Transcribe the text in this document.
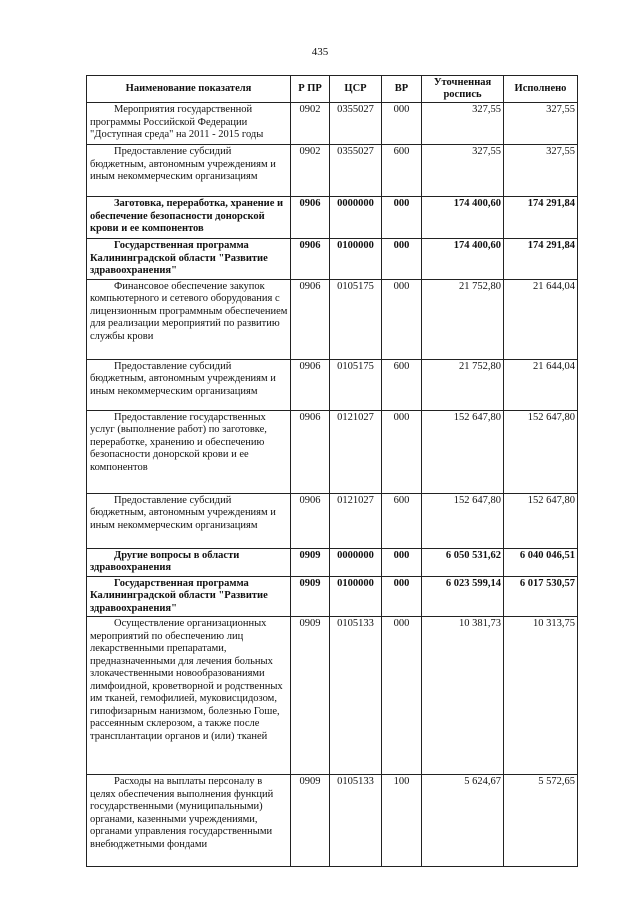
435
Наименование показателя	Р ПР	ЦСР	ВР	Уточненная роспись	Исполнено
Мероприятия государственной программы Российской Федерации "Доступная среда" на 2011 - 2015 годы	0902	0355027	000	327,55	327,55
Предоставление субсидий бюджетным, автономным учреждениям и иным некоммерческим организациям	0902	0355027	600	327,55	327,55
Заготовка, переработка, хранение и обеспечение безопасности донорской крови и ее компонентов	0906	0000000	000	174 400,60	174 291,84
Государственная программа Калининградской области "Развитие здравоохранения"	0906	0100000	000	174 400,60	174 291,84
Финансовое обеспечение закупок компьютерного и сетевого оборудования с лицензионным программным обеспечением для реализации мероприятий по развитию службы крови	0906	0105175	000	21 752,80	21 644,04
Предоставление субсидий бюджетным, автономным учреждениям и иным некоммерческим организациям	0906	0105175	600	21 752,80	21 644,04
Предоставление государственных услуг (выполнение работ) по заготовке, переработке, хранению и обеспечению безопасности донорской крови и ее компонентов	0906	0121027	000	152 647,80	152 647,80
Предоставление субсидий бюджетным, автономным учреждениям и иным некоммерческим организациям	0906	0121027	600	152 647,80	152 647,80
Другие вопросы в области здравоохранения	0909	0000000	000	6 050 531,62	6 040 046,51
Государственная программа Калининградской области "Развитие здравоохранения"	0909	0100000	000	6 023 599,14	6 017 530,57
Осуществление организационных мероприятий по обеспечению лиц лекарственными препаратами, предназначенными для лечения больных злокачественными новообразованиями лимфоидной, кроветворной и родственных им тканей, гемофилией, муковисцидозом, гипофизарным нанизмом, болезнью Гоше, рассеянным склерозом, а также после трансплантации органов и (или) тканей	0909	0105133	000	10 381,73	10 313,75
Расходы на выплаты персоналу в целях обеспечения выполнения функций государственными (муниципальными) органами, казенными учреждениями, органами управления государственными внебюджетными фондами	0909	0105133	100	5 624,67	5 572,65
